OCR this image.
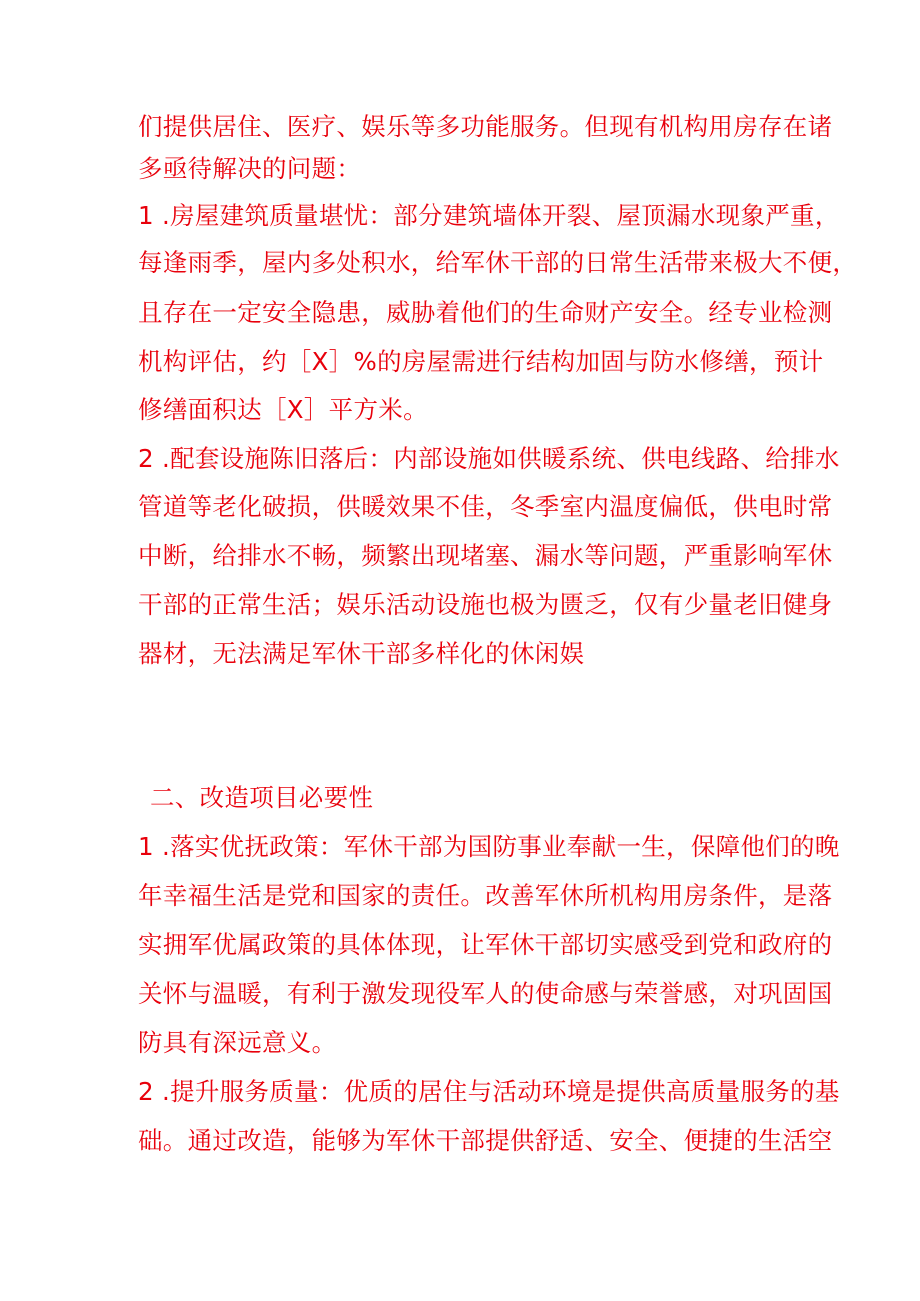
们提供居住、医疗、娱乐等多功能服务。但现有机构用房存在诸

多亟待解决的问题：

1 .房屋建筑质量堪忧：部分建筑墙体开裂、屋顶漏水现象严重，

每逢雨季，屋内多处积水，给军休干部的日常生活带来极大不便，

且存在一定安全隐患，威胁着他们的生命财产安全。经专业检测

机构评估，约［X］%的房屋需进行结构加固与防水修缮，预计

修缮面积达［X］平方米。

2 .配套设施陈旧落后：内部设施如供暖系统、供电线路、给排水

管道等老化破损，供暖效果不佳，冬季室内温度偏低，供电时常

中断，给排水不畅，频繁出现堵塞、漏水等问题，严重影响军休

干部的正常生活；娱乐活动设施也极为匮乏，仅有少量老旧健身

器材，无法满足军休干部多样化的休闲娱

二、改造项目必要性

1 .落实优抚政策：军休干部为国防事业奉献一生，保障他们的晚

年幸福生活是党和国家的责任。改善军休所机构用房条件，是落

实拥军优属政策的具体体现，让军休干部切实感受到党和政府的

关怀与温暖，有利于激发现役军人的使命感与荣誉感，对巩固国

防具有深远意义。

2 .提升服务质量：优质的居住与活动环境是提供高质量服务的基

础。通过改造，能够为军休干部提供舒适、安全、便捷的生活空
